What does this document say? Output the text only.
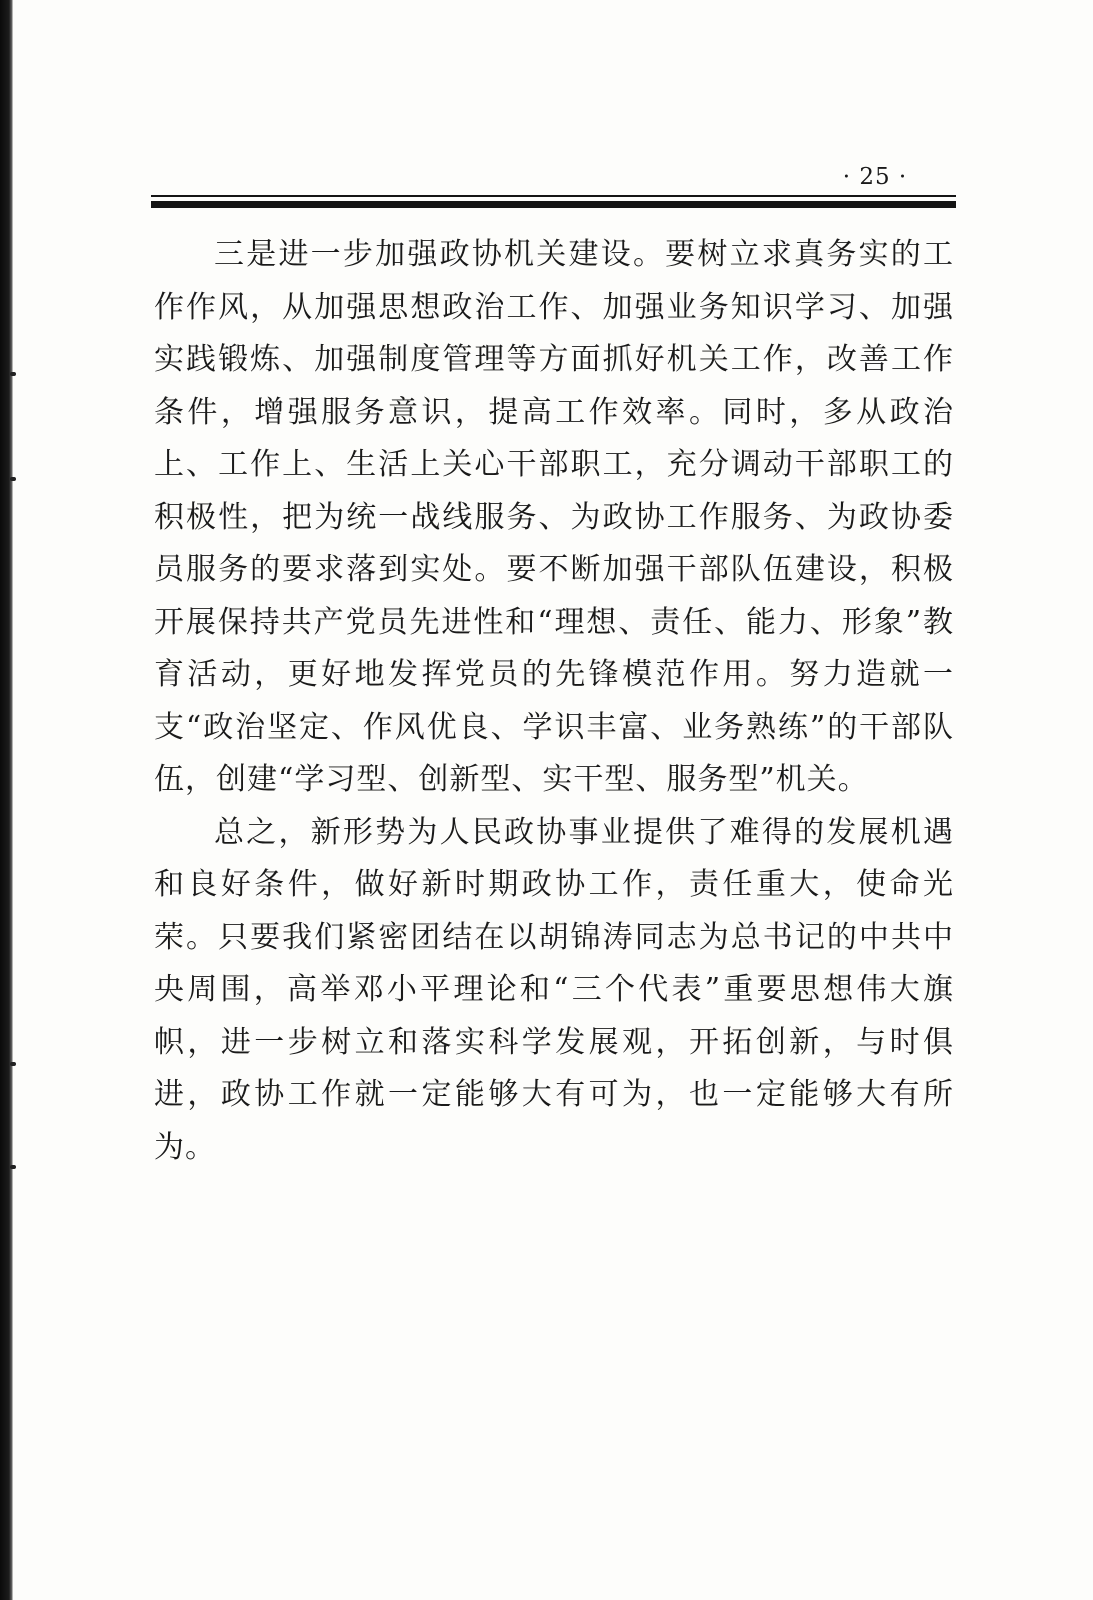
· 25 ·

三是进一步加强政协机关建设。要树立求真务实的工作作风，从加强思想政治工作、加强业务知识学习、加强实践锻炼、加强制度管理等方面抓好机关工作，改善工作条件，增强服务意识，提高工作效率。同时，多从政治上、工作上、生活上关心干部职工，充分调动干部职工的积极性，把为统一战线服务、为政协工作服务、为政协委员服务的要求落到实处。要不断加强干部队伍建设，积极开展保持共产党员先进性和“理想、责任、能力、形象”教育活动，更好地发挥党员的先锋模范作用。努力造就一支“政治坚定、作风优良、学识丰富、业务熟练”的干部队伍，创建“学习型、创新型、实干型、服务型”机关。

总之，新形势为人民政协事业提供了难得的发展机遇和良好条件，做好新时期政协工作，责任重大，使命光荣。只要我们紧密团结在以胡锦涛同志为总书记的中共中央周围，高举邓小平理论和“三个代表”重要思想伟大旗帜，进一步树立和落实科学发展观，开拓创新，与时俱进，政协工作就一定能够大有可为，也一定能够大有所为。
